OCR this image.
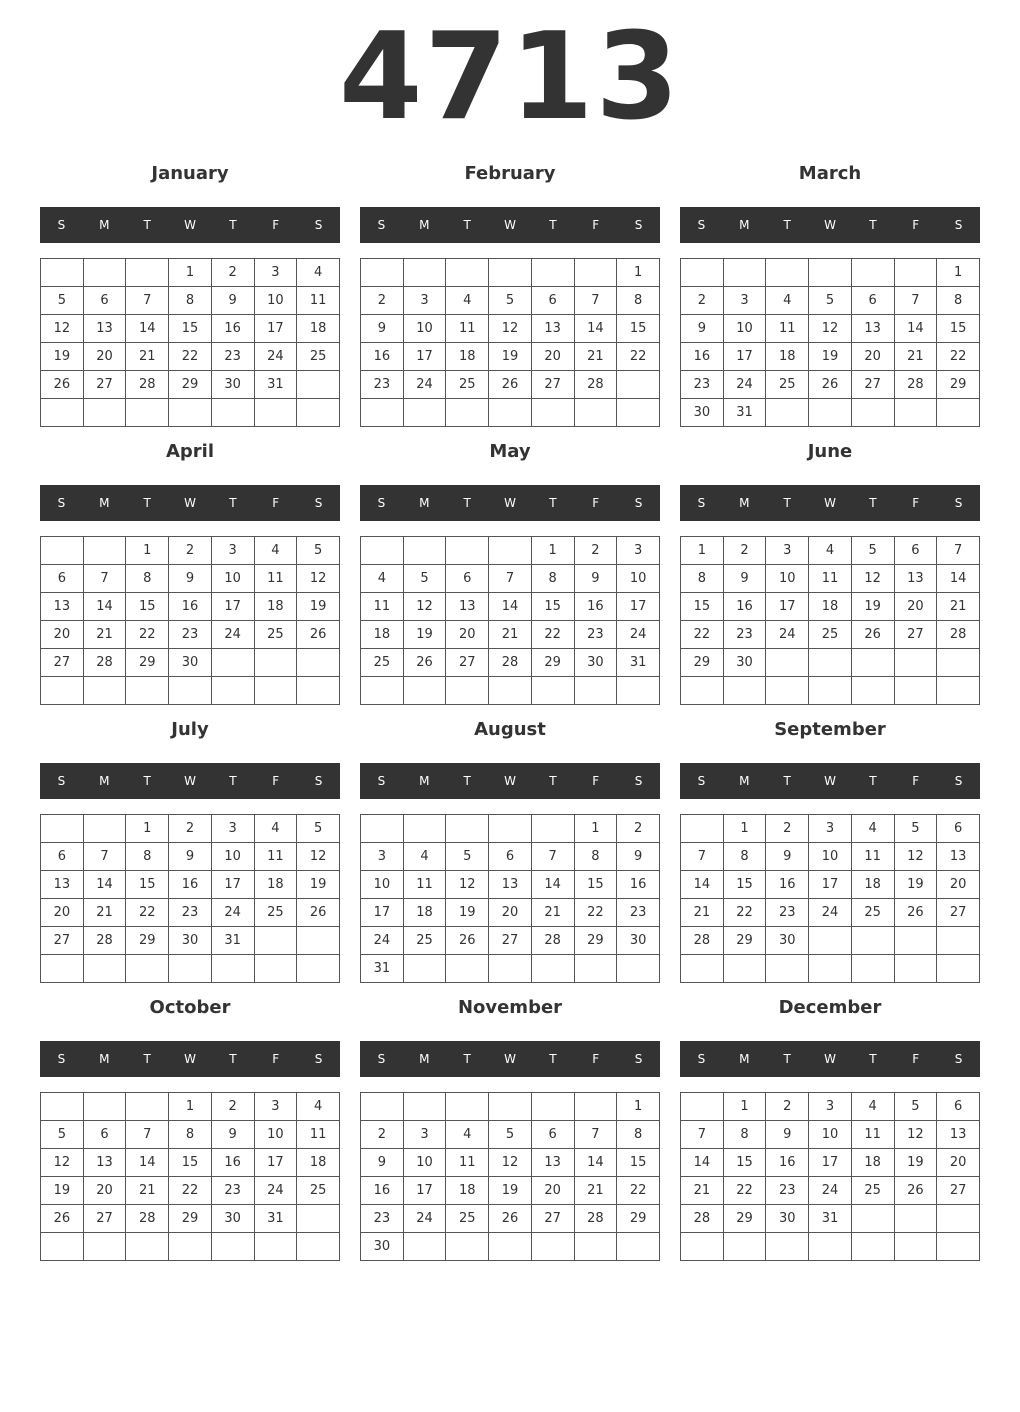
4713
January
S	M	T	W	T	F	S
			1	2	3	4
5	6	7	8	9	10	11
12	13	14	15	16	17	18
19	20	21	22	23	24	25
26	27	28	29	30	31	

February
S	M	T	W	T	F	S
						1
2	3	4	5	6	7	8
9	10	11	12	13	14	15
16	17	18	19	20	21	22
23	24	25	26	27	28	

March
S	M	T	W	T	F	S
						1
2	3	4	5	6	7	8
9	10	11	12	13	14	15
16	17	18	19	20	21	22
23	24	25	26	27	28	29
30	31					
April
S	M	T	W	T	F	S
		1	2	3	4	5
6	7	8	9	10	11	12
13	14	15	16	17	18	19
20	21	22	23	24	25	26
27	28	29	30			

May
S	M	T	W	T	F	S
				1	2	3
4	5	6	7	8	9	10
11	12	13	14	15	16	17
18	19	20	21	22	23	24
25	26	27	28	29	30	31

June
S	M	T	W	T	F	S
1	2	3	4	5	6	7
8	9	10	11	12	13	14
15	16	17	18	19	20	21
22	23	24	25	26	27	28
29	30					

July
S	M	T	W	T	F	S
		1	2	3	4	5
6	7	8	9	10	11	12
13	14	15	16	17	18	19
20	21	22	23	24	25	26
27	28	29	30	31		

August
S	M	T	W	T	F	S
					1	2
3	4	5	6	7	8	9
10	11	12	13	14	15	16
17	18	19	20	21	22	23
24	25	26	27	28	29	30
31						
September
S	M	T	W	T	F	S
	1	2	3	4	5	6
7	8	9	10	11	12	13
14	15	16	17	18	19	20
21	22	23	24	25	26	27
28	29	30				

October
S	M	T	W	T	F	S
			1	2	3	4
5	6	7	8	9	10	11
12	13	14	15	16	17	18
19	20	21	22	23	24	25
26	27	28	29	30	31	

November
S	M	T	W	T	F	S
						1
2	3	4	5	6	7	8
9	10	11	12	13	14	15
16	17	18	19	20	21	22
23	24	25	26	27	28	29
30						
December
S	M	T	W	T	F	S
	1	2	3	4	5	6
7	8	9	10	11	12	13
14	15	16	17	18	19	20
21	22	23	24	25	26	27
28	29	30	31			
